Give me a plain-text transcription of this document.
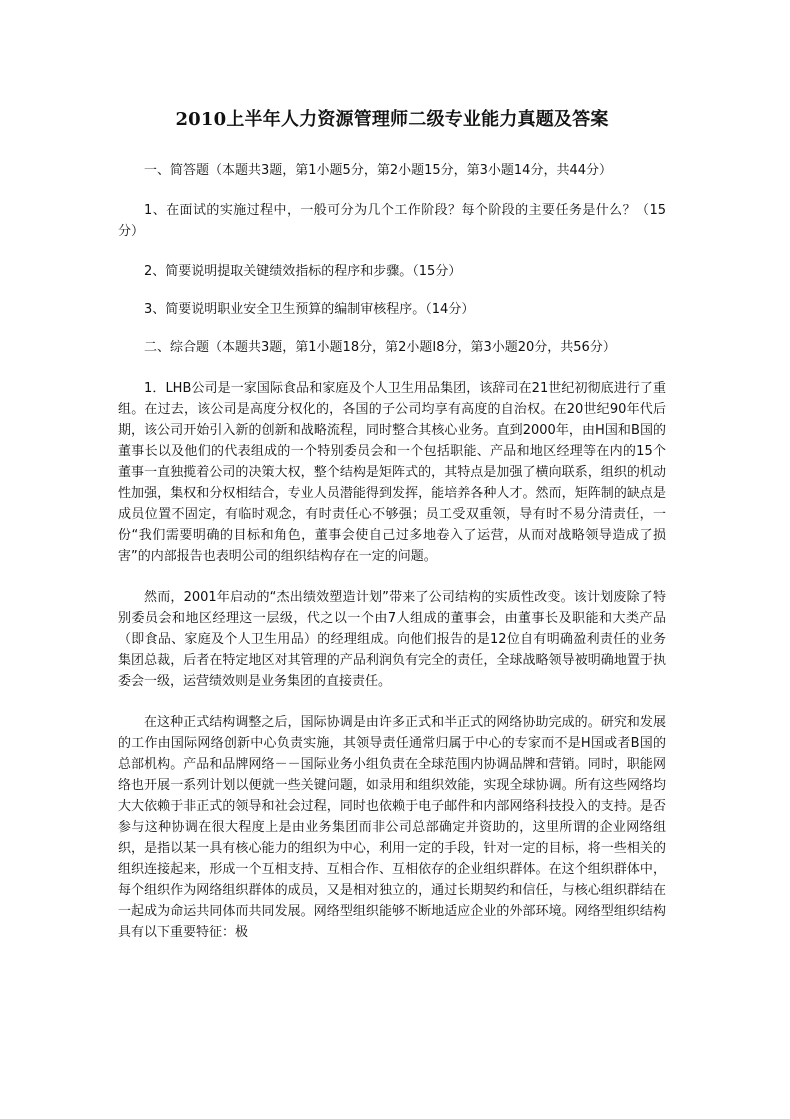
2010上半年人力资源管理师二级专业能力真题及答案

一、简答题（本题共3题，第1小题5分，第2小题15分，第3小题14分，共44分）

1、在面试的实施过程中，一般可分为几个工作阶段？每个阶段的主要任务是什么？（15分）

2、简要说明提取关键绩效指标的程序和步骤。（15分）

3、简要说明职业安全卫生预算的编制审核程序。（14分）

二、综合题（本题共3题，第1小题18分，第2小题I8分，第3小题20分，共56分）

1．LHB公司是一家国际食品和家庭及个人卫生用品集团，该辞司在21世纪初彻底进行了重组。在过去，该公司是高度分权化的，各国的子公司均享有高度的自治权。在20世纪90年代后期，该公司开始引入新的创新和战略流程，同时整合其核心业务。直到2000年，由H国和B国的董事长以及他们的代表组成的一个特别委员会和一个包括职能、产品和地区经理等在内的15个董事一直独揽着公司的决策大权，整个结构是矩阵式的，其特点是加强了横向联系，组织的机动性加强，集权和分权相结合，专业人员潜能得到发挥，能培养各种人才。然而，矩阵制的缺点是成员位置不固定，有临时观念，有时责任心不够强；员工受双重领，导有时不易分清责任，一份“我们需要明确的目标和角色，董事会使自己过多地卷入了运营，从而对战略领导造成了损害”的内部报告也表明公司的组织结构存在一定的问题。

然而，2001年启动的“杰出绩效塑造计划”带来了公司结构的实质性改变。该计划废除了特别委员会和地区经理这一层级，代之以一个由7人组成的董事会，由董事长及职能和大类产品（即食品、家庭及个人卫生用品）的经理组成。向他们报告的是12位自有明确盈利责任的业务集团总裁，后者在特定地区对其管理的产品利润负有完全的责任，全球战略领导被明确地置于执委会一级，运营绩效则是业务集团的直接责任。

在这种正式结构调整之后，国际协调是由许多正式和半正式的网络协助完成的。研究和发展的工作由国际网络创新中心负责实施，其领导责任通常归属于中心的专家而不是H国或者B国的总部机构。产品和品牌网络－－国际业务小组负责在全球范围内协调品牌和营销。同时，职能网络也开展一系列计划以便就一些关键问题，如录用和组织效能，实现全球协调。所有这些网络均大大依赖于非正式的领导和社会过程，同时也依赖于电子邮件和内部网络科技投入的支持。是否参与这种协调在很大程度上是由业务集团而非公司总部确定并资助的，这里所谓的企业网络组织，是指以某一具有核心能力的组织为中心，利用一定的手段，针对一定的目标，将一些相关的组织连接起来，形成一个互相支持、互相合作、互相依存的企业组织群体。在这个组织群体中，每个组织作为网络组织群体的成员，又是相对独立的，通过长期契约和信任，与核心组织群结在一起成为命运共同体而共同发展。网络型组织能够不断地适应企业的外部环境。网络型组织结构具有以下重要特征：极
